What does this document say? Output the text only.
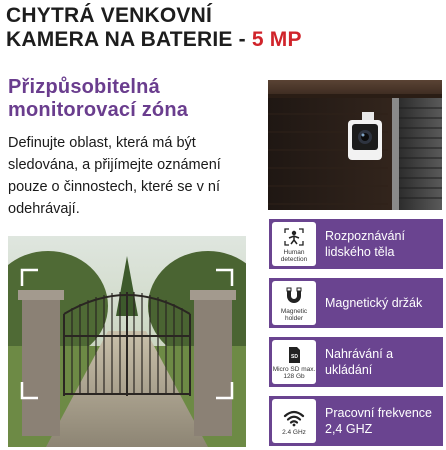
CHYTRÁ VENKOVNÍ
KAMERA NA BATERIE - 5 MP
Přizpůsobitelná monitorovací zóna
Definujte oblast, která má být sledována, a přijímejte oznámení pouze o činnostech, které se v ní odehrávají.
Human detection
Rozpoznávání lidského těla
Magnetic holder
Magnetický držák
SD
Micro SD max. 128 Gb
Nahrávání a ukládání
2.4 GHz
Pracovní frekvence 2,4 GHZ
